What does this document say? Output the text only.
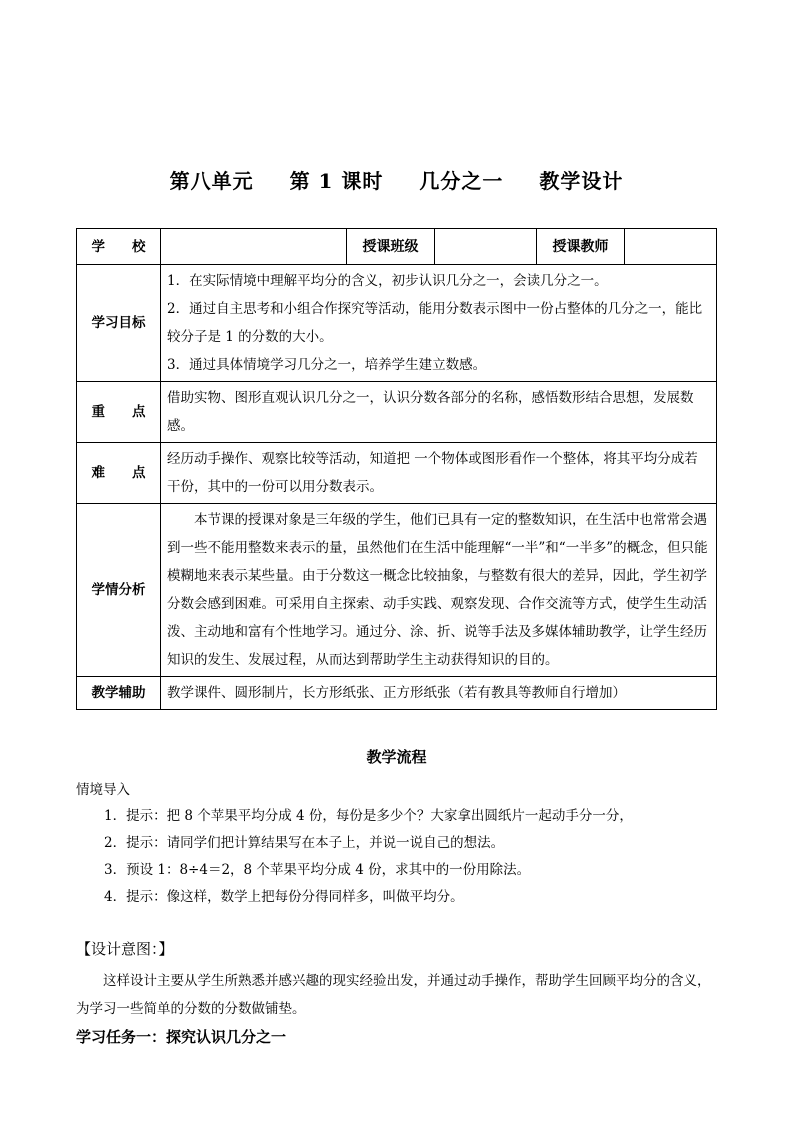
第八单元 第 1 课时 几分之一 教学设计
学　　校		授课班级		授课教师	
学习目标	1．在实际情境中理解平均分的含义，初步认识几分之一，会读几分之一。

2．通过自主思考和小组合作探究等活动，能用分数表示图中一份占整体的几分之一，能比较分子是 1 的分数的大小。

3．通过具体情境学习几分之一，培养学生建立数感。				

重　　点	借助实物、图形直观认识几分之一，认识分数各部分的名称，感悟数形结合思想，发展数感。				
难　　点	经历动手操作、观察比较等活动，知道把 一个物体或图形看作一个整体，将其平均分成若干份，其中的一份可以用分数表示。				
学情分析	本节课的授课对象是三年级的学生，他们已具有一定的整数知识，在生活中也常常会遇到一些不能用整数来表示的量，虽然他们在生活中能理解“一半”和“一半多”的概念，但只能模糊地来表示某些量。由于分数这一概念比较抽象，与整数有很大的差异，因此，学生初学分数会感到困难。可采用自主探索、动手实践、观察发现、合作交流等方式，使学生生动活泼、主动地和富有个性地学习。通过分、涂、折、说等手法及多媒体辅助教学，让学生经历知识的发生、发展过程，从而达到帮助学生主动获得知识的目的。				
教学辅助	教学课件、圆形制片，长方形纸张、正方形纸张（若有教具等教师自行增加）				
教学流程
情境导入
1．提示：把 8 个苹果平均分成 4 份，每份是多少个？大家拿出圆纸片一起动手分一分，
2．提示：请同学们把计算结果写在本子上，并说一说自己的想法。
3．预设 1：8÷4＝2，8 个苹果平均分成 4 份，求其中的一份用除法。
4．提示：像这样，数学上把每份分得同样多，叫做平均分。
【设计意图：】
这样设计主要从学生所熟悉并感兴趣的现实经验出发，并通过动手操作，帮助学生回顾平均分的含义，为学习一些简单的分数的分数做铺垫。
学习任务一：探究认识几分之一
